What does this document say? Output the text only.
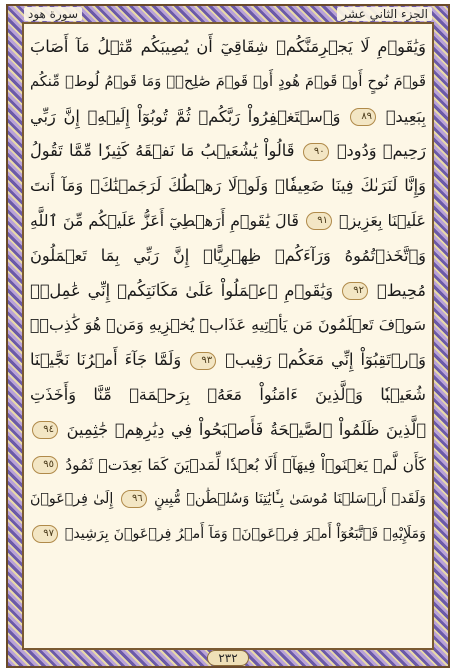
الجزء الثاني عشر
سورة هود
وَيَٰقَوۡمِ لَا يَجۡرِمَنَّكُمۡ شِقَاقِيٓ أَن يُصِيبَكُم مِّثۡلُ مَآ أَصَابَ
قَوۡمَ نُوحٍ أَوۡ قَوۡمَ هُودٍ أَوۡ قَوۡمَ صَٰلِحٖۚ وَمَا قَوۡمُ لُوطٖ مِّنكُم
بِبَعِيدٖ ٨٩ وَٱسۡتَغۡفِرُواْ رَبَّكُمۡ ثُمَّ تُوبُوٓاْ إِلَيۡهِۚ إِنَّ رَبِّي
رَحِيمٞ وَدُودٞ ٩٠ قَالُواْ يَٰشُعَيۡبُ مَا نَفۡقَهُ كَثِيرٗا مِّمَّا تَقُولُ
وَإِنَّا لَنَرَىٰكَ فِينَا ضَعِيفٗاۖ وَلَوۡلَا رَهۡطُكَ لَرَجَمۡنَٰكَۖ وَمَآ أَنتَ
عَلَيۡنَا بِعَزِيزٖ ٩١ قَالَ يَٰقَوۡمِ أَرَهۡطِيٓ أَعَزُّ عَلَيۡكُم مِّنَ ٱللَّهِ
وَٱتَّخَذۡتُمُوهُ وَرَآءَكُمۡ ظِهۡرِيًّاۖ إِنَّ رَبِّي بِمَا تَعۡمَلُونَ
مُحِيطٞ ٩٢ وَيَٰقَوۡمِ ٱعۡمَلُواْ عَلَىٰ مَكَانَتِكُمۡ إِنِّي عَٰمِلٞۖ
سَوۡفَ تَعۡلَمُونَ مَن يَأۡتِيهِ عَذَابٞ يُخۡزِيهِ وَمَنۡ هُوَ كَٰذِبٞۖ
وَٱرۡتَقِبُوٓاْ إِنِّي مَعَكُمۡ رَقِيبٞ ٩٣ وَلَمَّا جَآءَ أَمۡرُنَا نَجَّيۡنَا
شُعَيۡبٗا وَٱلَّذِينَ ءَامَنُواْ مَعَهُۥ بِرَحۡمَةٖ مِّنَّا وَأَخَذَتِ
ٱلَّذِينَ ظَلَمُواْ ٱلصَّيۡحَةُ فَأَصۡبَحُواْ فِي دِيَٰرِهِمۡ جَٰثِمِينَ ٩٤
كَأَن لَّمۡ يَغۡنَوۡاْ فِيهَآۗ أَلَا بُعۡدٗا لِّمَدۡيَنَ كَمَا بَعِدَتۡ ثَمُودُ ٩٥
وَلَقَدۡ أَرۡسَلۡنَا مُوسَىٰ بِـَٔايَٰتِنَا وَسُلۡطَٰنٖ مُّبِينٍ ٩٦ إِلَىٰ فِرۡعَوۡنَ
وَمَلَإِيْهِۦ فَٱتَّبَعُوٓاْ أَمۡرَ فِرۡعَوۡنَۖ وَمَآ أَمۡرُ فِرۡعَوۡنَ بِرَشِيدٖ ٩٧
٢٣٢
